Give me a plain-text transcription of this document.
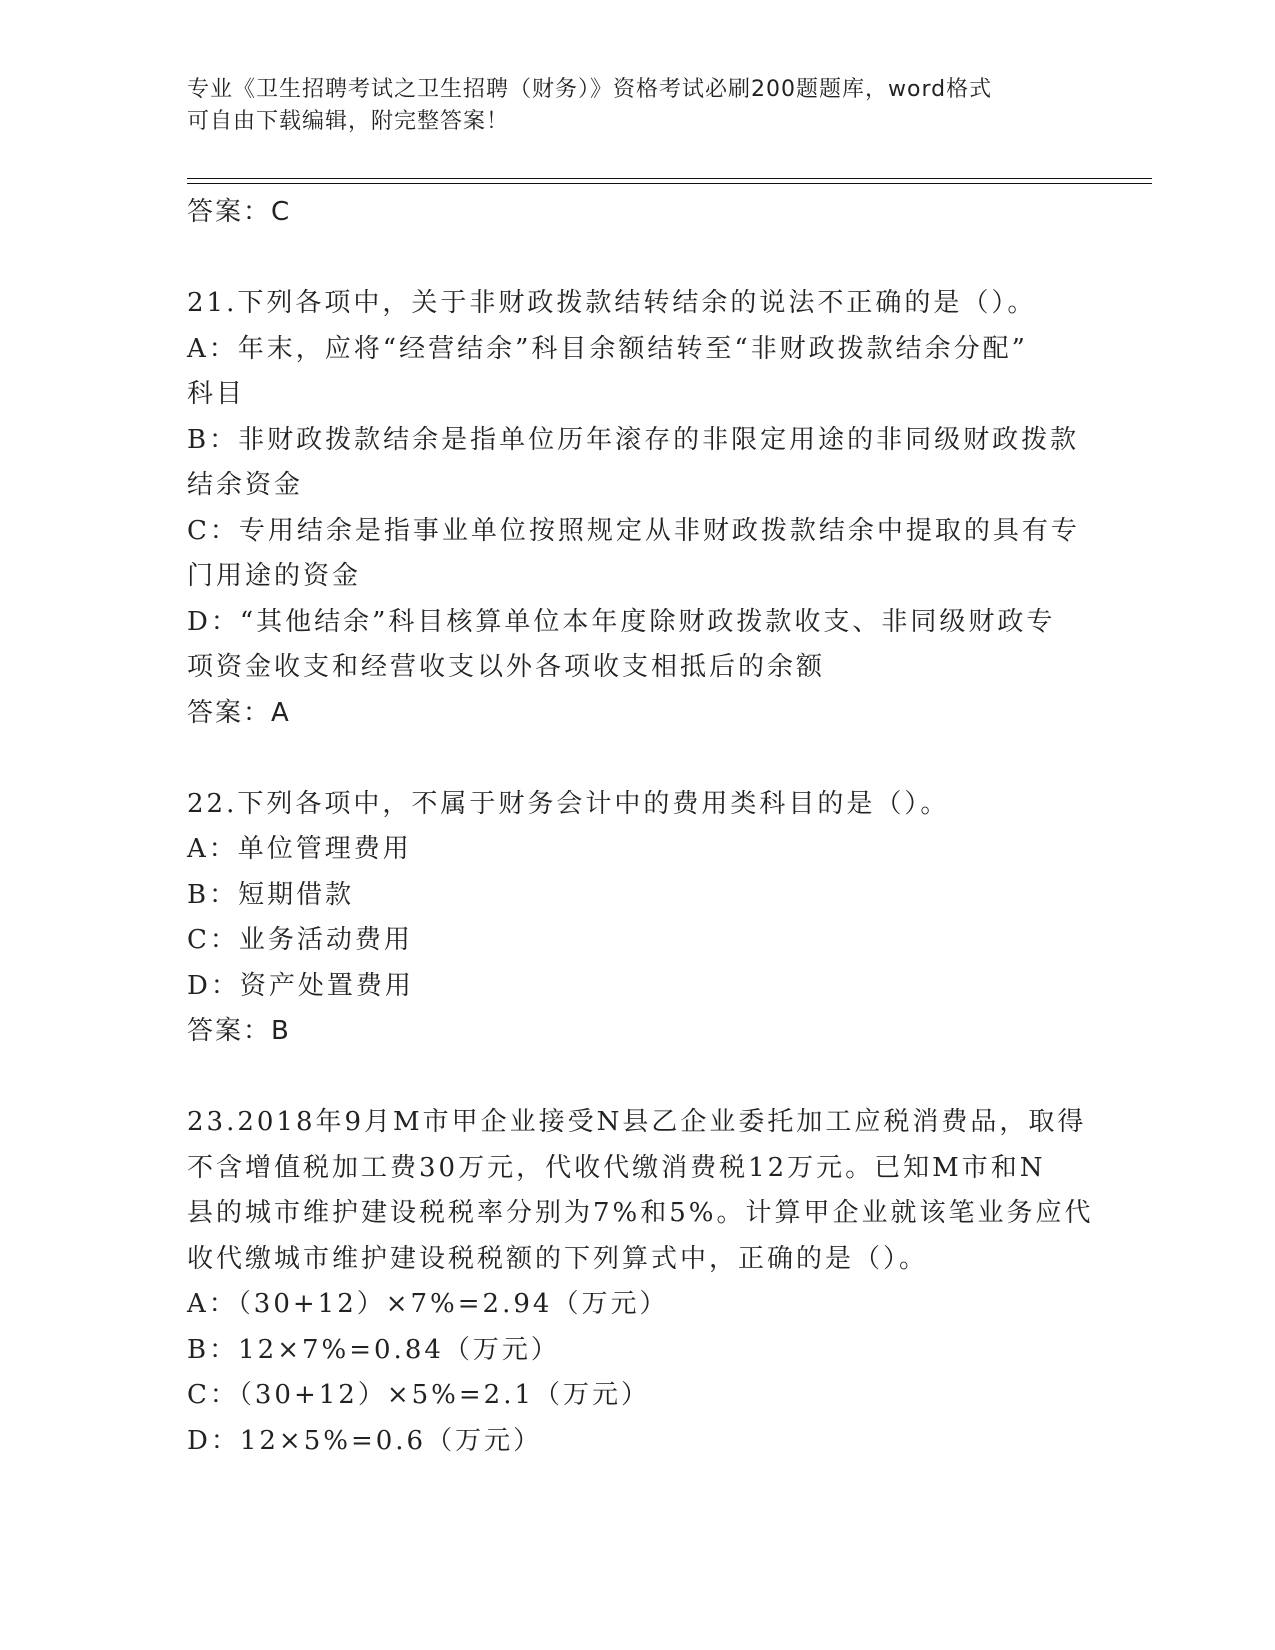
专业《卫生招聘考试之卫生招聘（财务）》资格考试必刷200题题库，word格式
可自由下载编辑，附完整答案！
答案：C
21.下列各项中，关于非财政拨款结转结余的说法不正确的是（）。
A：年末，应将“经营结余”科目余额结转至“非财政拨款结余分配”
科目
B：非财政拨款结余是指单位历年滚存的非限定用途的非同级财政拨款
结余资金
C：专用结余是指事业单位按照规定从非财政拨款结余中提取的具有专
门用途的资金
D：“其他结余”科目核算单位本年度除财政拨款收支、非同级财政专
项资金收支和经营收支以外各项收支相抵后的余额
答案：A
22.下列各项中，不属于财务会计中的费用类科目的是（）。
A：单位管理费用
B：短期借款
C：业务活动费用
D：资产处置费用
答案：B
23.2018年9月M市甲企业接受N县乙企业委托加工应税消费品，取得
不含增值税加工费30万元，代收代缴消费税12万元。已知M市和N
县的城市维护建设税税率分别为7%和5%。计算甲企业就该笔业务应代
收代缴城市维护建设税税额的下列算式中，正确的是（）。
A：（30+12）×7%=2.94（万元）
B：12×7%=0.84（万元）
C：（30+12）×5%=2.1（万元）
D：12×5%=0.6（万元）
